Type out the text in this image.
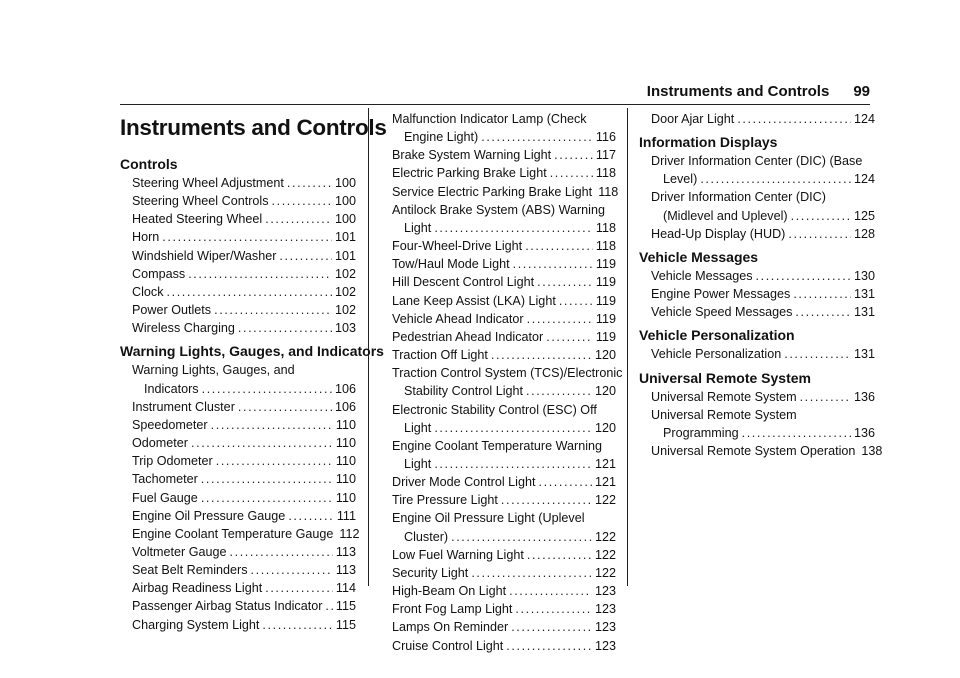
Instruments and Controls 99
Instruments and Controls
Controls
Steering Wheel Adjustment .....	100
Steering Wheel Controls .....	100
Heated Steering Wheel .....	100
Horn .....	101
Windshield Wiper/Washer .....	101
Compass .....	102
Clock .....	102
Power Outlets .....	102
Wireless Charging .....	103
Warning Lights, Gauges, and Indicators
Warning Lights, Gauges, and
Indicators .....	106
Instrument Cluster .....	106
Speedometer .....	110
Odometer .....	110
Trip Odometer .....	110
Tachometer .....	110
Fuel Gauge .....	110
Engine Oil Pressure Gauge .....	111
Engine Coolant Temperature Gauge 112
Voltmeter Gauge .....	113
Seat Belt Reminders .....	113
Airbag Readiness Light .....	114
Passenger Airbag Status Indicator ..... 115
Charging System Light .....	115
Malfunction Indicator Lamp (Check
Engine Light) .....	116
Brake System Warning Light .....	117
Electric Parking Brake Light .....	118
Service Electric Parking Brake Light 118
Antilock Brake System (ABS) Warning
Light .....	118
Four-Wheel-Drive Light .....	118
Tow/Haul Mode Light .....	119
Hill Descent Control Light .....	119
Lane Keep Assist (LKA) Light .....	119
Vehicle Ahead Indicator .....	119
Pedestrian Ahead Indicator .....	119
Traction Off Light .....	120
Traction Control System (TCS)/Electronic
Stability Control Light .....	120
Electronic Stability Control (ESC) Off
Light .....	120
Engine Coolant Temperature Warning
Light .....	121
Driver Mode Control Light .....	121
Tire Pressure Light .....	122
Engine Oil Pressure Light (Uplevel
Cluster) .....	122
Low Fuel Warning Light .....	122
Security Light .....	122
High-Beam On Light .....	123
Front Fog Lamp Light .....	123
Lamps On Reminder .....	123
Cruise Control Light .....	123
Door Ajar Light .....	124
Information Displays
Driver Information Center (DIC) (Base
Level) .....	124
Driver Information Center (DIC)
(Midlevel and Uplevel) .....	125
Head-Up Display (HUD) .....	128
Vehicle Messages
Vehicle Messages .....	130
Engine Power Messages .....	131
Vehicle Speed Messages .....	131
Vehicle Personalization
Vehicle Personalization .....	131
Universal Remote System
Universal Remote System .....	136
Universal Remote System
Programming .....	136
Universal Remote System Operation 138
